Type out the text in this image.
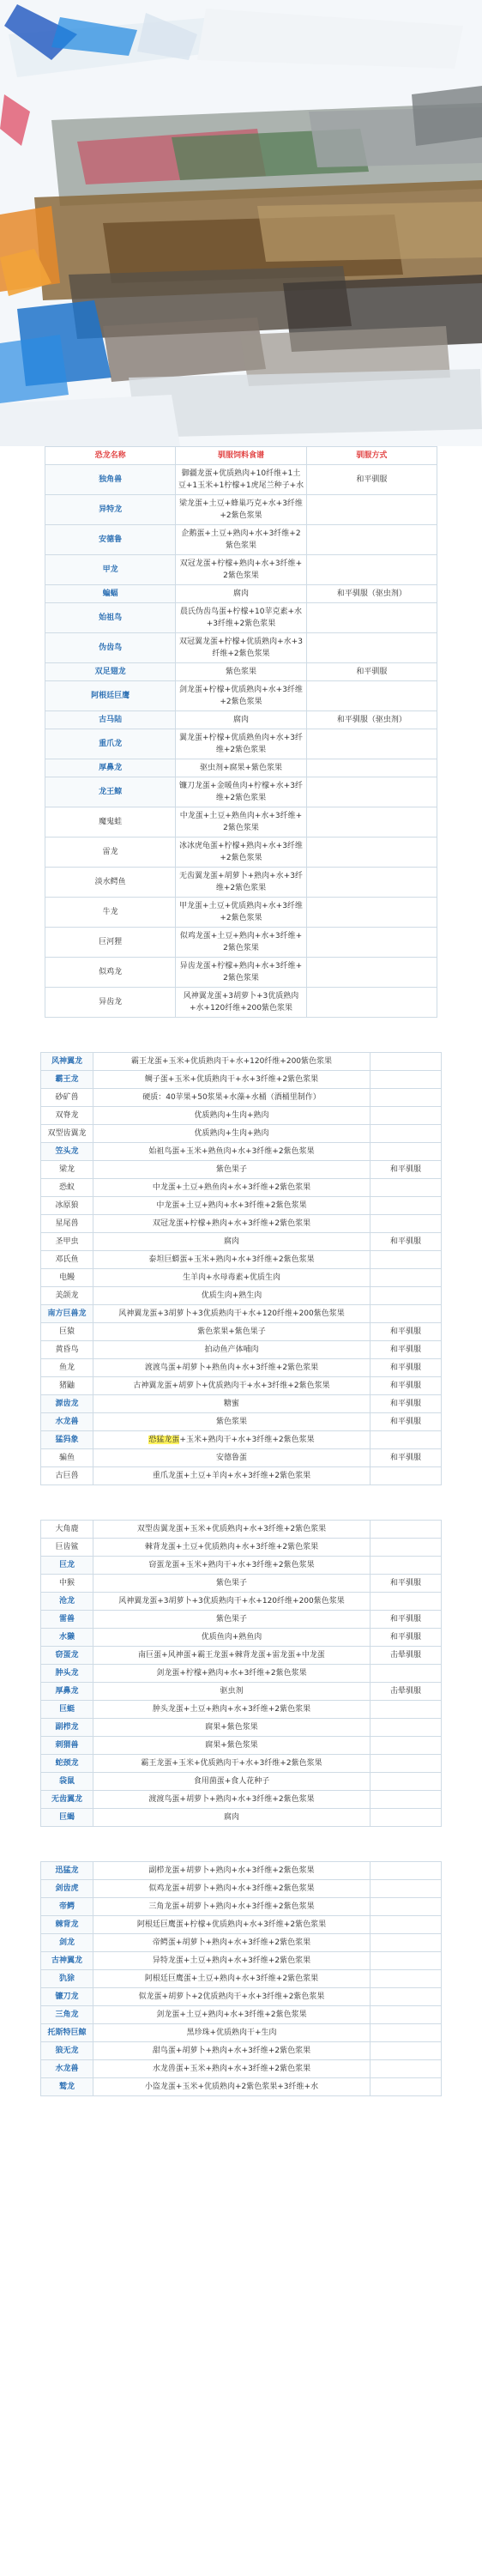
恐龙名称	驯服饲料食谱	驯服方式
独角兽	御疆龙蛋+优质熟肉+10纤维+1土豆+1玉米+1柠檬+1虎尾兰种子+水	和平驯服
异特龙	梁龙蛋+土豆+蜂巢巧克+水+3纤维+2紫色浆果	
安德鲁	企鹅蛋+土豆+熟肉+水+3纤维+2紫色浆果	
甲龙	双冠龙蛋+柠檬+熟肉+水+3纤维+2紫色浆果	
蝙蝠	腐肉	和平驯服（驱虫剂）
始祖鸟	晨氏伪齿鸟蛋+柠檬+10苹克素+水+3纤维+2紫色浆果	
伪齿鸟	双冠翼龙蛋+柠檬+优质熟肉+水+3纤维+2紫色浆果	
双足翅龙	紫色浆果	和平驯服
阿根廷巨鹰	剑龙蛋+柠檬+优质熟肉+水+3纤维+2紫色浆果	
古马陆	腐肉	和平驯服（驱虫剂）
重爪龙	翼龙蛋+柠檬+优质熟鱼肉+水+3纤维+2紫色浆果	
厚鼻龙	驱虫剂+腐果+紫色浆果	
龙王鲸	镰刀龙蛋+金暖鱼肉+柠檬+水+3纤维+2紫色浆果	
魔鬼蛙	中龙蛋+土豆+熟鱼肉+水+3纤维+2紫色浆果	
雷龙	冰冰虎龟蛋+柠檬+熟肉+水+3纤维+2紫色浆果	
淡水鳄鱼	无齿翼龙蛋+胡萝卜+熟肉+水+3纤维+2紫色浆果	
牛龙	甲龙蛋+土豆+优质熟肉+水+3纤维+2紫色浆果	
巨河狸	似鸡龙蛋+土豆+熟肉+水+3纤维+2紫色浆果	
似鸡龙	异齿龙蛋+柠檬+熟肉+水+3纤维+2紫色浆果	
异齿龙	风神翼龙蛋+3胡萝卜+3优质熟肉+水+120纤维+200紫色浆果	
风神翼龙	霸王龙蛋+玉米+优质熟肉干+水+120纤维+200紫色浆果	
霸王龙	鲷子蛋+玉米+优质熟肉干+水+3纤维+2紫色浆果	
砂矿兽	硬质：40苹果+50浆果+水藻+水桶（酒桶里制作）	
双脊龙	优质熟肉+生肉+熟肉	
双型齿翼龙	优质熟肉+生肉+熟肉	
笠头龙	始祖鸟蛋+玉米+熟鱼肉+水+3纤维+2紫色浆果	
梁龙	紫色果子	和平驯服
恐蚁	中龙蛋+土豆+熟鱼肉+水+3纤维+2紫色浆果	
冰原狼	中龙蛋+土豆+熟肉+水+3纤维+2紫色浆果	
星尾兽	双冠龙蛋+柠檬+熟肉+水+3纤维+2紫色浆果	
圣甲虫	腐肉	和平驯服
邓氏鱼	泰坦巨蟒蛋+玉米+熟肉+水+3纤维+2紫色浆果	
电鳗	生羊肉+水母毒素+优质生肉	
美颌龙	优质生肉+熟生肉	
南方巨兽龙	风神翼龙蛋+3胡萝卜+3优质熟肉干+水+120纤维+200紫色浆果	
巨猿	紫色浆果+紫色果子	和平驯服
黄昏鸟	拍动鱼产体哺肉	和平驯服
鱼龙	渡渡鸟蛋+胡萝卜+熟鱼肉+水+3纤维+2紫色浆果	和平驯服
猪鼬	古神翼龙蛋+胡萝卜+优质熟肉干+水+3纤维+2紫色浆果	和平驯服
源齿龙	糖蜜	和平驯服
水龙兽	紫色浆果	和平驯服
猛犸象	恐猛龙蛋+玉米+熟肉干+水+3纤维+2紫色浆果	
骗鱼	安德鲁蛋	和平驯服
古巨兽	重爪龙蛋+土豆+羊肉+水+3纤维+2紫色浆果	
大角鹿	双型齿翼龙蛋+玉米+优质熟肉+水+3纤维+2紫色浆果	
巨齿鲨	棘背龙蛋+土豆+优质熟肉+水+3纤维+2紫色浆果	
巨龙	窃蛋龙蛋+玉米+熟肉干+水+3纤维+2紫色浆果	
中猴	紫色果子	和平驯服
沧龙	风神翼龙蛋+3胡萝卜+3优质熟肉干+水+120纤维+200紫色浆果	
雷兽	紫色果子	和平驯服
水獭	优质鱼肉+熟鱼肉	和平驯服
窃蛋龙	南巨蛋+风神蛋+霸王龙蛋+棘背龙蛋+雷龙蛋+中龙蛋	击晕驯服
肿头龙	剑龙蛋+柠檬+熟肉+水+3纤维+2紫色浆果	
厚鼻龙	驱虫剂	击晕驯服
巨蜓	肿头龙蛋+土豆+熟肉+水+3纤维+2紫色浆果	
副栉龙	腐果+紫色浆果	
刺猬兽	腐果+紫色浆果	
蛇颈龙	霸王龙蛋+玉米+优质熟肉干+水+3纤维+2紫色浆果	
袋鼠	食用菌蛋+食人花种子	
无齿翼龙	渡渡鸟蛋+胡萝卜+熟肉+水+3纤维+2紫色浆果	
巨蝎	腐肉	
迅猛龙	副栉龙蛋+胡萝卜+熟肉+水+3纤维+2紫色浆果	
剑齿虎	似鸡龙蛋+胡萝卜+熟肉+水+3纤维+2紫色浆果	
帝鳄	三角龙蛋+胡萝卜+熟肉+水+3纤维+2紫色浆果	
棘背龙	阿根廷巨鹰蛋+柠檬+优质熟肉+水+3纤维+2紫色浆果	
剑龙	帝鳄蛋+胡萝卜+熟肉+水+3纤维+2紫色浆果	
古神翼龙	异特龙蛋+土豆+熟肉+水+3纤维+2紫色浆果	
犰狳	阿根廷巨鹰蛋+土豆+熟肉+水+3纤维+2紫色浆果	
镰刀龙	似龙蛋+胡萝卜+2优质熟肉干+水+3纤维+2紫色浆果	
三角龙	剑龙蛋+土豆+熟肉+水+3纤维+2紫色浆果	
托斯特巨鲸	黑珍珠+优质熟肉干+生肉	
狼无龙	甜鸟蛋+胡萝卜+熟肉+水+3纤维+2紫色浆果	
水龙兽	水龙兽蛋+玉米+熟肉+水+3纤维+2紫色浆果	
鹫龙	小盗龙蛋+玉米+优质熟肉+2紫色浆果+3纤维+水	
